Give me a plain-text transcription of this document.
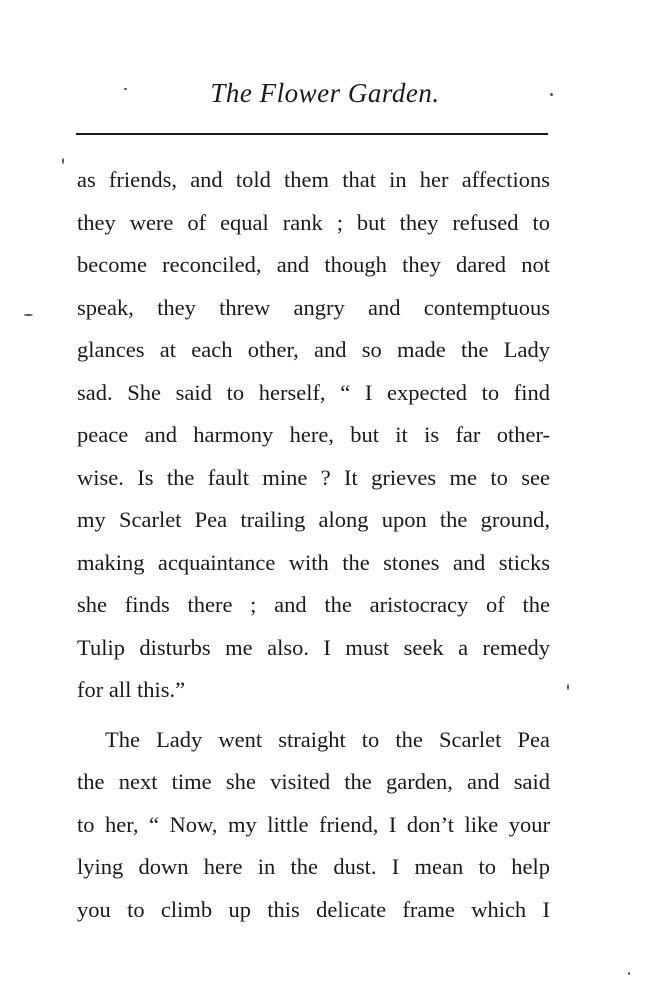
The Flower Garden.
as friends, and told them that in her affections
they were of equal rank ; but they refused to
become reconciled, and though they dared not
speak, they threw angry and contemptuous
glances at each other, and so made the Lady
sad. She said to herself, “ I expected to find
peace and harmony here, but it is far other-
wise. Is the fault mine ? It grieves me to see
my Scarlet Pea trailing along upon the ground,
making acquaintance with the stones and sticks
she finds there ; and the aristocracy of the
Tulip disturbs me also. I must seek a remedy
for all this.”
The Lady went straight to the Scarlet Pea
the next time she visited the garden, and said
to her, “ Now, my little friend, I don’t like your
lying down here in the dust. I mean to help
you to climb up this delicate frame which I
